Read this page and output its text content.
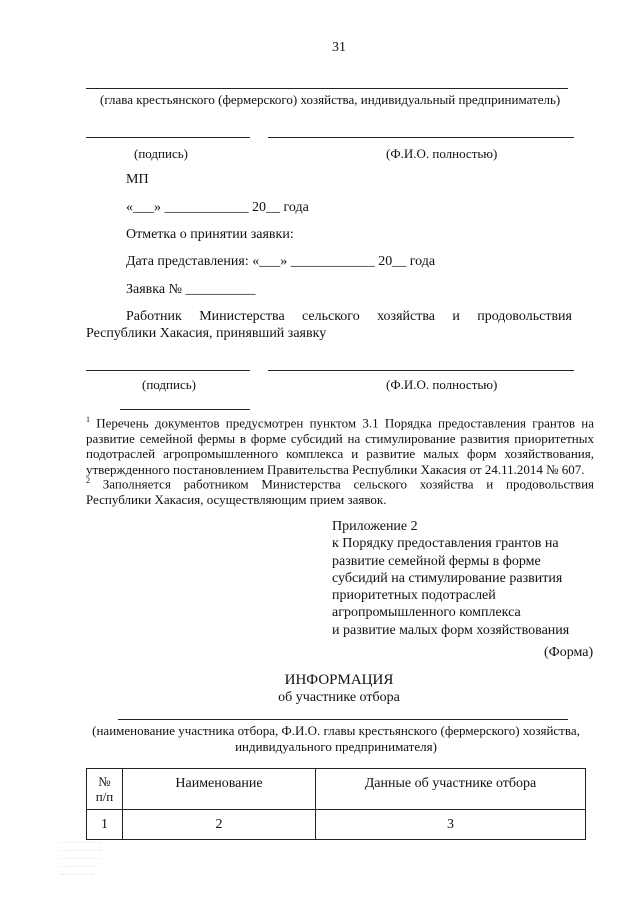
31
(глава крестьянского (фермерского) хозяйства, индивидуальный предприниматель)
(подпись)	(Ф.И.О. полностью)
МП
«___» ____________ 20__ года
Отметка о принятии заявки:
Дата представления: «___» ____________ 20__ года
Заявка № __________
Работник Министерства сельского хозяйства и продовольствия
Республики Хакасия, принявший заявку
(подпись)	(Ф.И.О. полностью)
$^1$ Перечень документов предусмотрен пунктом 3.1 Порядка предоставления грантов на развитие семейной фермы в форме субсидий на стимулирование развития приоритетных подотраслей агропромышленного комплекса и развитие малых форм хозяйствования, утвержденного постановлением Правительства Республики Хакасия от 24.11.2014 № 607.
$^2$ Заполняется работником Министерства сельского хозяйства и продовольствия Республики Хакасия, осуществляющим прием заявок.
Приложение 2
к Порядку предоставления грантов на
развитие семейной фермы в форме
субсидий на стимулирование развития
приоритетных подотраслей
агропромышленного комплекса
и развитие малых форм хозяйствования
(Форма)
ИНФОРМАЦИЯ
об участнике отбора
(наименование участника отбора, Ф.И.О. главы крестьянского (фермерского) хозяйства,
индивидуального предпринимателя)
№
п/п	Наименование	Данные об участнике отбора
1	2	3
. .. . ... .. .. . ... . ..
. ... .. . .. ... . .. . ...
.. . ... . .. .. ... . .. .
. .. ... .. . ... .. . ..
... . .. . ... .. . ...
